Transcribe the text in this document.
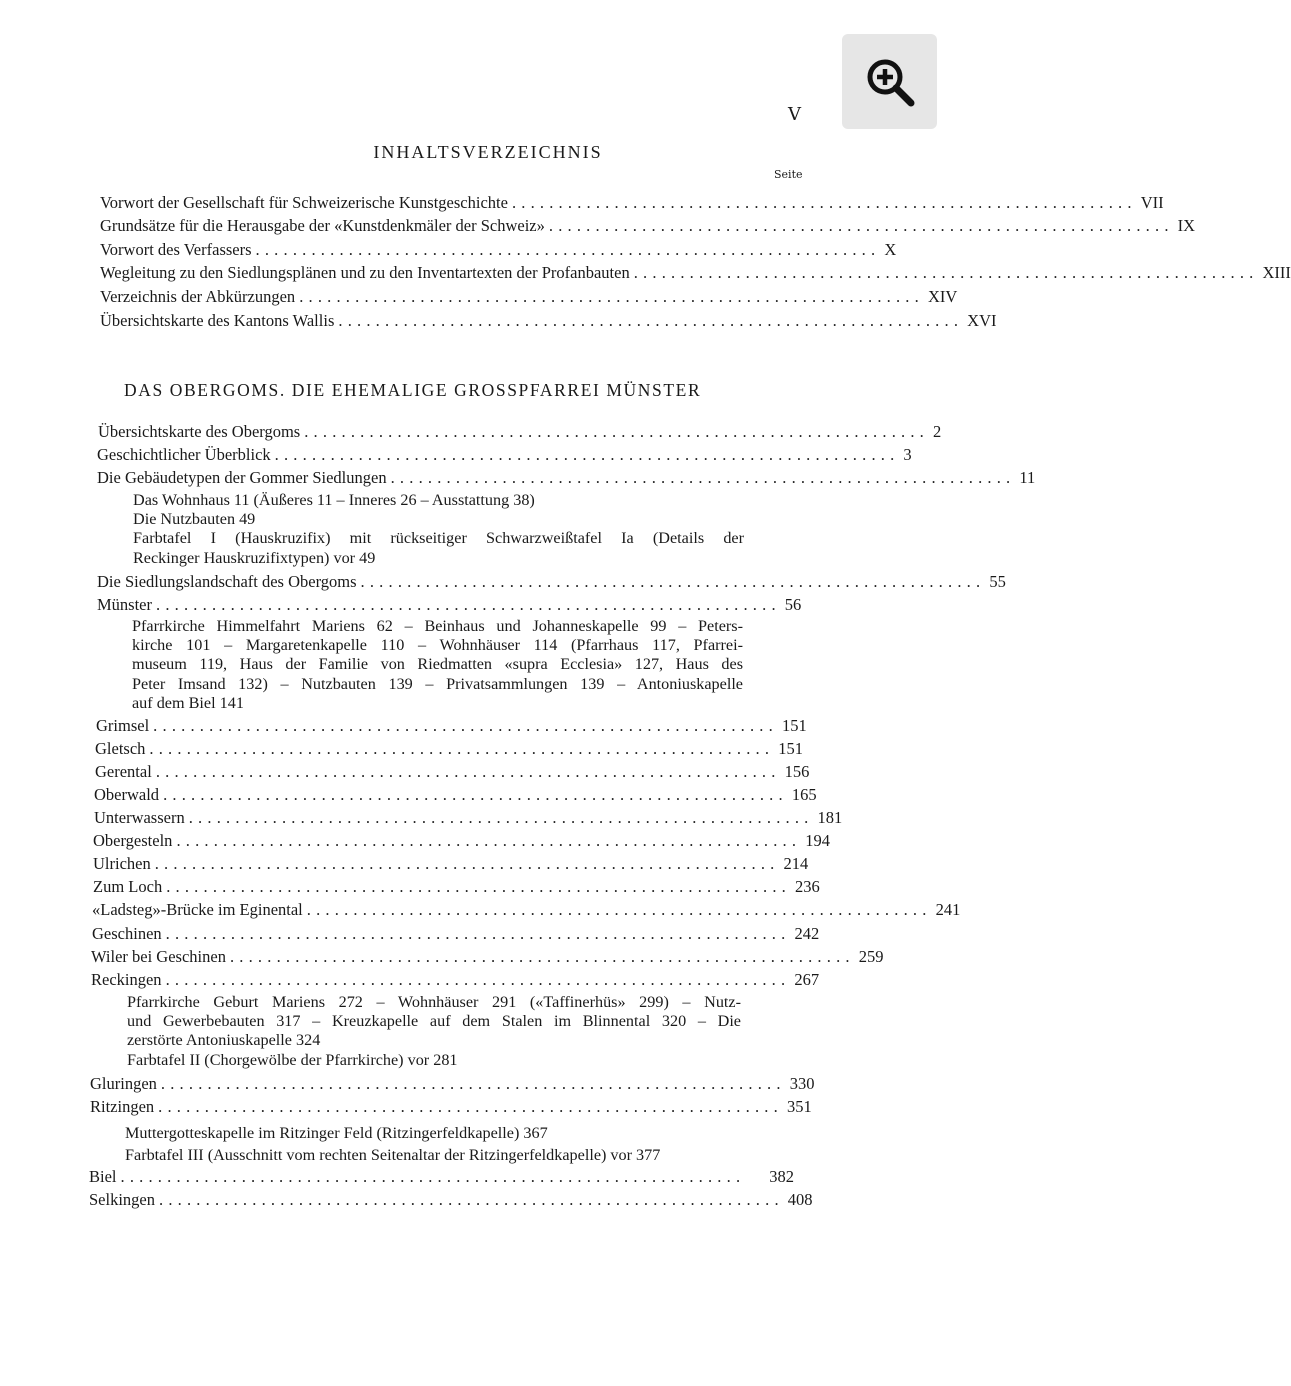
V
INHALTSVERZEICHNIS
Seite
Vorwort der Gesellschaft für Schweizerische Kunstgeschichte ................................................................... VII
Grundsätze für die Herausgabe der «Kunstdenkmäler der Schweiz» ................................................................... IX
Vorwort des Verfassers ................................................................... X
Wegleitung zu den Siedlungsplänen und zu den Inventartexten der Profanbauten ................................................................... XIII
Verzeichnis der Abkürzungen ................................................................... XIV
Übersichtskarte des Kantons Wallis ................................................................... XVI
DAS OBERGOMS. DIE EHEMALIGE GROSSPFARREI MÜNSTER
Übersichtskarte des Obergoms ................................................................... 2
Geschichtlicher Überblick ................................................................... 3
Die Gebäudetypen der Gommer Siedlungen ................................................................... 11
Das Wohnhaus 11 (Äußeres 11 – Inneres 26 – Ausstattung 38)
Die Nutzbauten 49
Farbtafel I (Hauskruzifix) mit rückseitiger Schwarzweißtafel Ia (Details der
Reckinger Hauskruzifixtypen) vor 49
Die Siedlungslandschaft des Obergoms ................................................................... 55
Münster ................................................................... 56
Pfarrkirche Himmelfahrt Mariens 62 – Beinhaus und Johanneskapelle 99 – Peters-
kirche 101 – Margaretenkapelle 110 – Wohnhäuser 114 (Pfarrhaus 117, Pfarrei-
museum 119, Haus der Familie von Riedmatten «supra Ecclesia» 127, Haus des
Peter Imsand 132) – Nutzbauten 139 – Privatsammlungen 139 – Antoniuskapelle
auf dem Biel 141
Grimsel ................................................................... 151
Gletsch ................................................................... 151
Gerental ................................................................... 156
Oberwald ................................................................... 165
Unterwassern ................................................................... 181
Obergesteln ................................................................... 194
Ulrichen ................................................................... 214
Zum Loch ................................................................... 236
«Ladsteg»-Brücke im Eginental ................................................................... 241
Geschinen ................................................................... 242
Wiler bei Geschinen ................................................................... 259
Reckingen ................................................................... 267
Pfarrkirche Geburt Mariens 272 – Wohnhäuser 291 («Taffinerhüs» 299) – Nutz-
und Gewerbebauten 317 – Kreuzkapelle auf dem Stalen im Blinnental 320 – Die
zerstörte Antoniuskapelle 324
Farbtafel II (Chorgewölbe der Pfarrkirche) vor 281
Gluringen ................................................................... 330
Ritzingen ................................................................... 351
Muttergotteskapelle im Ritzinger Feld (Ritzingerfeldkapelle) 367
Farbtafel III (Ausschnitt vom rechten Seitenaltar der Ritzingerfeldkapelle) vor 377
Biel ...................................................................	382
Selkingen ................................................................... 408
